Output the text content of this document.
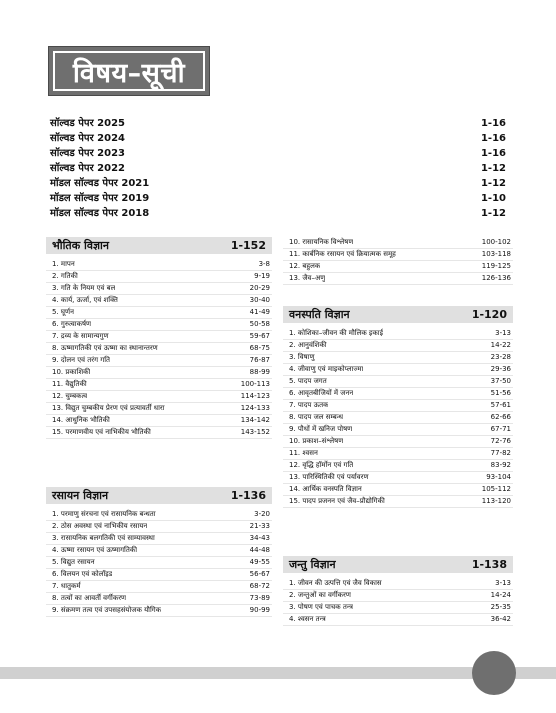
विषय–सूची
सॉल्वड पेपर 2025	1-16
सॉल्वड पेपर 2024	1-16
सॉल्वड पेपर 2023	1-16
सॉल्वड पेपर 2022	1-12
मॉडल सॉल्वड पेपर 2021	1-12
मॉडल सॉल्वड पेपर 2019	1-10
मॉडल सॉल्वड पेपर 2018	1-12
भौतिक विज्ञान	1-152
1. मापन	3-8
2. गतिकी	9-19
3. गति के नियम एवं बल	20-29
4. कार्य, ऊर्जा, एवं शक्ति	30-40
5. घूर्णन	41-49
6. गुरुत्वाकर्षण	50-58
7. द्रव्य के सामान्यगुण	59-67
8. ऊष्मागतिकी एवं ऊष्मा का स्थानान्तरण	68-75
9. दोलन एवं तरंग गति	76-87
10. प्रकाशिकी	88-99
11. वैद्युतिकी	100-113
12. चुम्बकत्व	114-123
13. विद्युत चुम्बकीय प्रेरण एवं प्रत्यावर्ती धारा	124-133
14. आधुनिक भौतिकी	134-142
15. परमाणवीय एवं नाभिकीय भौतिकी	143-152
रसायन विज्ञान	1-136
1. परमाणु संरचना एवं रासायनिक बन्धता	3-20
2. ठोस अवस्था एवं नाभिकीय रसायन	21-33
3. रासायनिक बलगतिकी एवं साम्यावस्था	34-43
4. ऊष्मा रसायन एवं ऊष्मागतिकी	44-48
5. विद्युत रसायन	49-55
6. विलयन एवं कोलॉइड	56-67
7. धातुकर्म	68-72
8. तत्वों का आवर्ती वर्गीकरण	73-89
9. संक्रमण तत्व एवं उपसहसंयोजक यौगिक	90-99
10. रासायनिक विश्लेषण	100-102
11. कार्बनिक रसायन एवं क्रियात्मक समूह	103-118
12. बहुलक	119-125
13. जैव–अणु	126-136
वनस्पति विज्ञान	1-120
1. कोशिका–जीवन की मौलिक इकाई	3-13
2. आनुवंशिकी	14-22
3. विषाणु	23-28
4. जीवाणु एवं माइकोप्लाज्मा	29-36
5. पादप जगत	37-50
6. आवृतबीजियों में जनन	51-56
7. पादप ऊतक	57-61
8. पादप जल सम्बन्ध	62-66
9. पौधों में खनिज पोषण	67-71
10. प्रकाश–संश्लेषण	72-76
11. श्वसन	77-82
12. वृद्धि हॉर्मोन एवं गति	83-92
13. पारिस्थितिकी एवं पर्यावरण	93-104
14. आर्थिक वनस्पति विज्ञान	105-112
15. पादप प्रजनन एवं जैव–प्रौद्योगिकी	113-120
जन्तु विज्ञान	1-138
1. जीवन की उत्पत्ति एवं जैव विकास	3-13
2. जन्तुओं का वर्गीकरण	14-24
3. पोषण एवं पाचक तन्त्र	25-35
4. श्वसन तन्त्र	36-42
